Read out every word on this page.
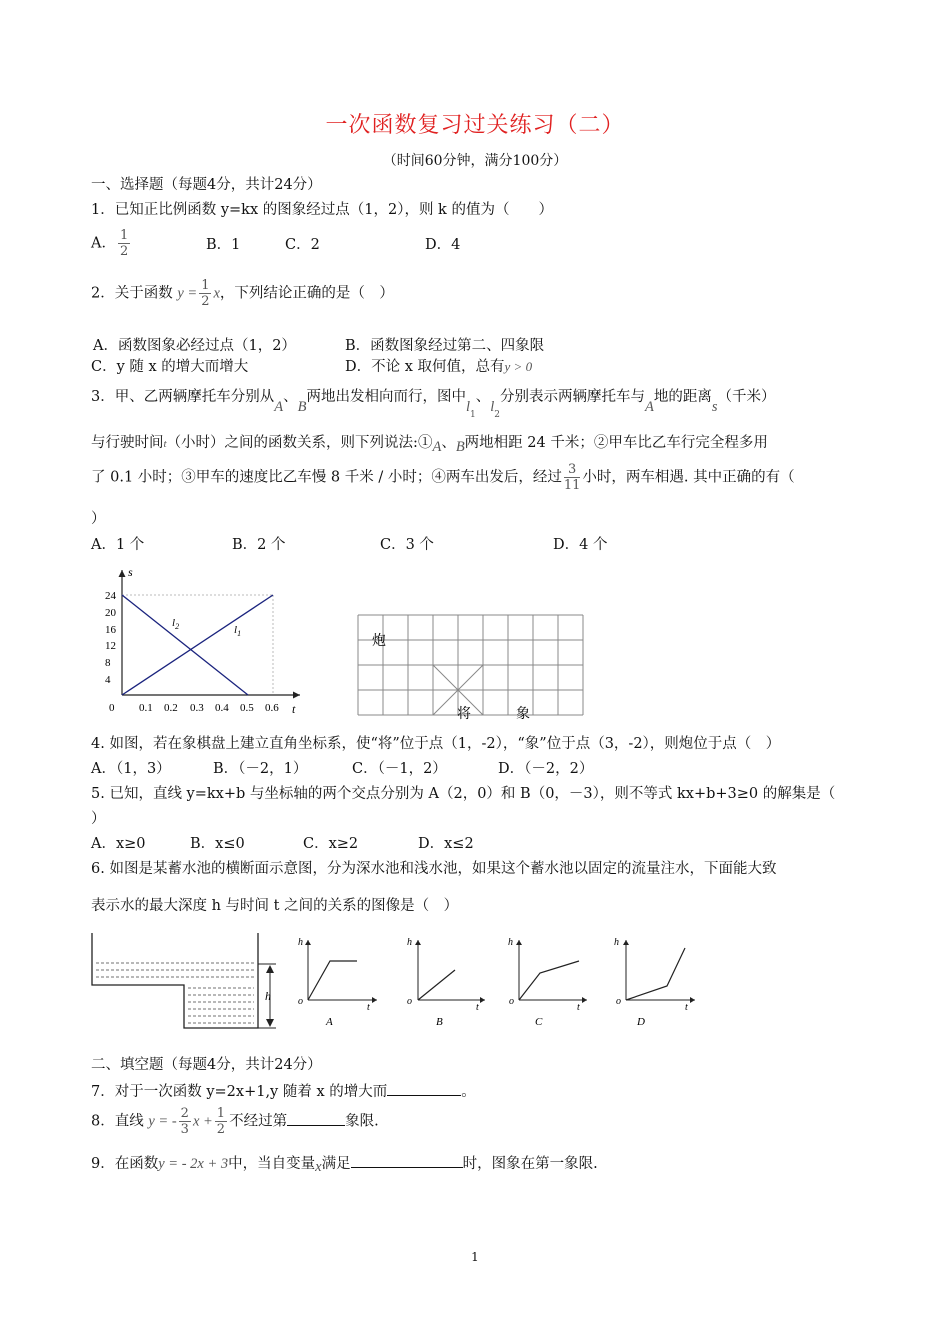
一次函数复习过关练习（二）
（时间60分钟，满分100分）
一、选择题（每题4分，共计24分）
1．已知正比例函数 y=kx 的图象经过点（1，2），则 k 的值为（　　）
A． $\frac{1}{2}$	B．1	C．2	D．4
2．关于函数 $y = \frac{1}{2}$ x，下列结论正确的是（　）
A．函数图象必经过点（1，2）	B．函数图象经过第二、四象限
C．y 随 x 的增大而增大	D．不论 x 取何值，总有y > 0
3．甲、乙两辆摩托车分别从A、B两地出发相向而行，图中$l_1$、$l_2$分别表示两辆摩托车与A地的距离s（千米）
与行驶时间t（小时）之间的函数关系，则下列说法:①A、B两地相距 24 千米；②甲车比乙车行完全程多用
了 0.1 小时；③甲车的速度比乙车慢 8 千米 / 小时；④两车出发后，经过 $\frac{3}{11}$ 小时，两车相遇. 其中正确的有（
）
A．1 个	B．2 个	C．3 个	D．4 个
s
t
0
24
20
16
12
8
4
0.1 0.2 0.3 0.4 0.5 0.6
$l_2$	$l_1$	炮
将	象
4. 如图，若在象棋盘上建立直角坐标系，使“将”位于点（1，-2），“象”位于点（3，-2），则炮位于点（　）
A．（1，3）	B．（－2，1）	C．（－1，2）	D．（－2，2）
5. 已知，直线 y=kx+b 与坐标轴的两个交点分别为 A（2，0）和 B（0，－3），则不等式 kx+b+3≥0 的解集是（
）
A．x≥0	B．x≤0	C．x≥2	D．x≤2
6. 如图是某蓄水池的横断面示意图，分为深水池和浅水池，如果这个蓄水池以固定的流量注水，下面能大致
表示水的最大深度 h 与时间 t 之间的关系的图像是（　）
h
h
o
t
A
h
o
t
B
h
o
t
C
h
o
t
D
二、填空题（每题4分，共计24分）
7．对于一次函数 y=2x+1,y 随着 x 的增大而	。
8．直线 y = - $\frac{2}{3}$ $x + \frac{1}{2}$ 不经过第	象限.
9．在函数y = - 2x + 3中，当自变量x满足	时，图象在第一象限.
1
